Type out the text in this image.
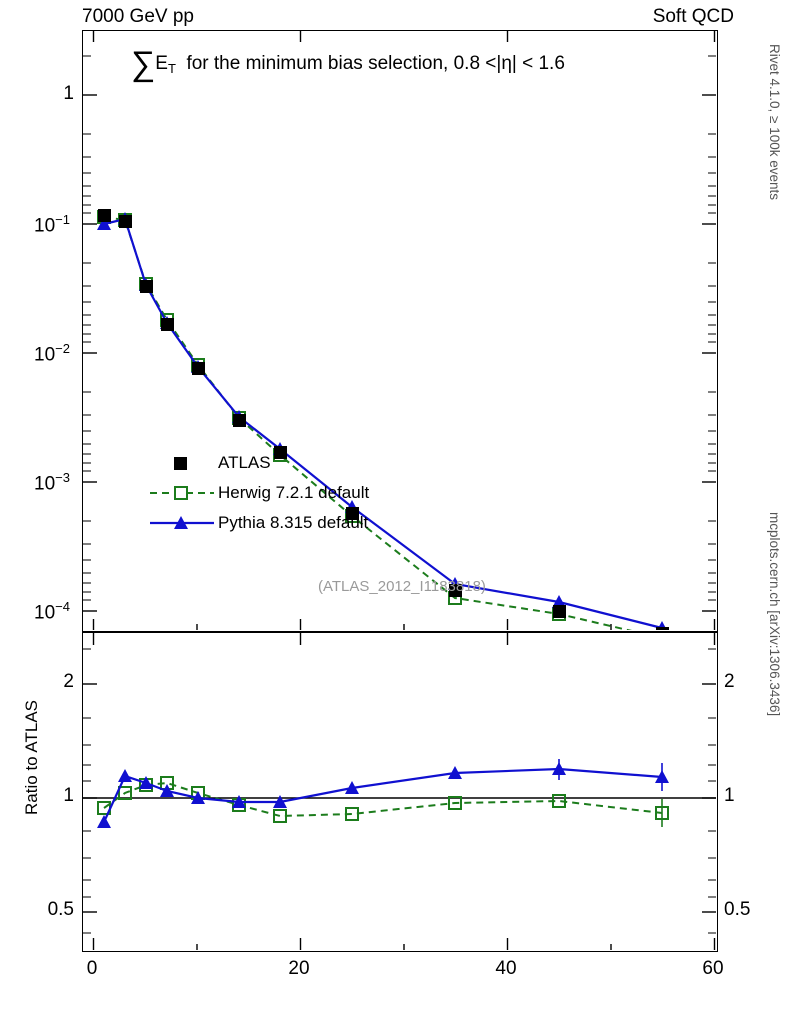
7000 GeV pp	Soft QCD
Rivet 4.1.0, ≥ 100k events
mcplots.cern.ch [arXiv:1306.3436]
$\sum E_T$ for the minimum bias selection, 0.8 <|η| < 1.6
1
$10^{-1}$
$10^{-2}$
$10^{-3}$
$10^{-4}$
ATLAS
Herwig 7.2.1 default
Pythia 8.315 default
(ATLAS_2012_I1183818)
2
1
0.5
2
1
0.5
Ratio to ATLAS
0	20	40	60
